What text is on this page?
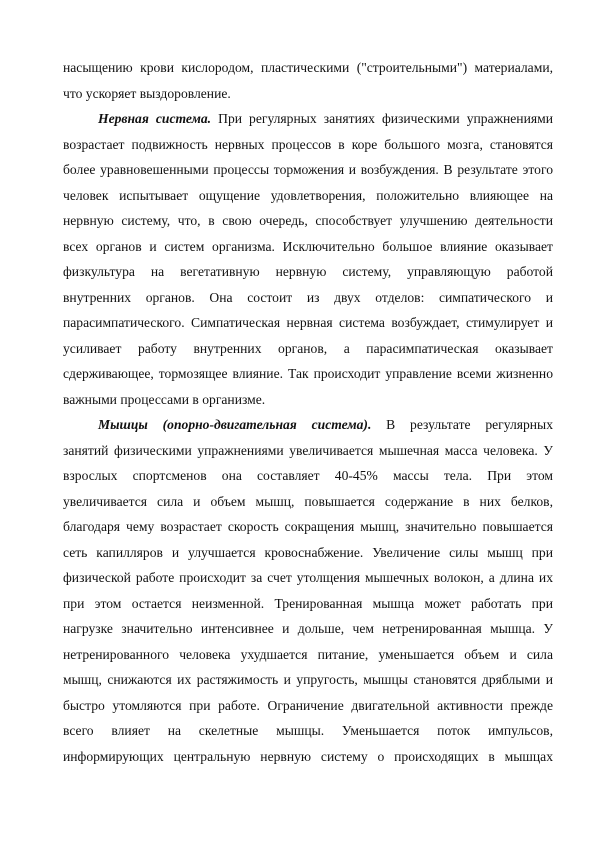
насыщению крови кислородом, пластическими ("строительными") материалами,
что ускоряет выздоровление.
Нервная система. При регулярных занятиях физическими упражнениями
возрастает подвижность нервных процессов в коре большого мозга, становятся
более уравновешенными процессы торможения и возбуждения. В результате этого
человек испытывает ощущение удовлетворения, положительно влияющее на
нервную систему, что, в свою очередь, способствует улучшению деятельности
всех органов и систем организма. Исключительно большое влияние оказывает
физкультура на вегетативную нервную систему, управляющую работой
внутренних органов. Она состоит из двух отделов: симпатического и
парасимпатического. Симпатическая нервная система возбуждает, стимулирует и
усиливает работу внутренних органов, а парасимпатическая оказывает
сдерживающее, тормозящее влияние. Так происходит управление всеми жизненно
важными процессами в организме.
Мышцы (опорно-двигательная система). В результате регулярных
занятий физическими упражнениями увеличивается мышечная масса человека. У
взрослых спортсменов она составляет 40-45% массы тела. При этом
увеличивается сила и объем мышц, повышается содержание в них белков,
благодаря чему возрастает скорость сокращения мышц, значительно повышается
сеть капилляров и улучшается кровоснабжение. Увеличение силы мышц при
физической работе происходит за счет утолщения мышечных волокон, а длина их
при этом остается неизменной. Тренированная мышца может работать при
нагрузке значительно интенсивнее и дольше, чем нетренированная мышца. У
нетренированного человека ухудшается питание, уменьшается объем и сила
мышц, снижаются их растяжимость и упругость, мышцы становятся дряблыми и
быстро утомляются при работе. Ограничение двигательной активности прежде
всего влияет на скелетные мышцы. Уменьшается поток импульсов,
информирующих центральную нервную систему о происходящих в мышцах
